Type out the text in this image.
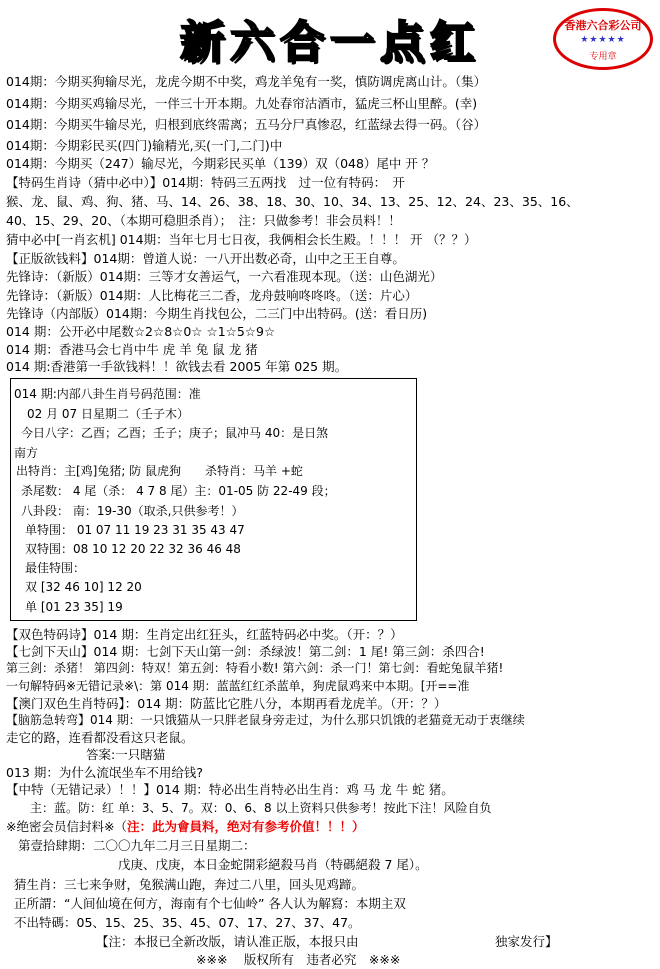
新六合一点红	香港六合彩公司
★★★★★
专用章
014期：今期买狗输尽光，龙虎今期不中奖，鸡龙羊兔有一奖，慎防调虎离山计。（集）
014期：今期买鸡输尽光，一伴三十开本期。九处春帘沽酒市，猛虎三杯山里醉。(幸)
014期：今期买牛输尽光，归根到底终需离；五马分尸真惨忍，红蓝绿去得一码。（谷）
014期：今期彩民买(四门)输精光,买(一门,二门)中
014期：今期买（247）输尽光，今期彩民买单（139）双（048）尾中 开 ？
【特码生肖诗（猜中必中）】014期：特码三五两找　过一位有特码：　开
猴、龙、鼠、鸡、狗、猪、马、14、26、38、18、30、10、34、13、25、12、24、23、35、16、
40、15、29、20、（本期可稳胆杀肖）；　注：只做参考！非会员料！！
猜中必中[一肖玄机] 014期：当年七月七日夜，我俩相会长生殿。！！！ 开 （？？）
【正版欲钱料】014期：曾道人说：一八开出数必奇，山中之王王自尊。
先锋诗：（新版）014期：三等才女善运气，一六看准现本现。（送：山色湖光）
先锋诗：（新版）014期：人比梅花三二香，龙舟鼓响咚咚咚。（送：片心）
先锋诗（内部版）014期：今期生肖找包公，二三门中出特码。(送：看日历)
014 期：公开必中尾数☆2☆8☆0☆ ☆1☆5☆9☆
014 期：香港马会七肖中牛 虎 羊 兔 鼠 龙 猪
014 期:香港第一手欲钱料！！欲钱去看 2005 年第 025 期。
014 期:内部八卦生肖号码范围：准
02 月 07 日星期二（壬子木）
今日八字：乙酉；乙酉；壬子；庚子；鼠冲马 40：是日煞
南方
出特肖：主[鸡]兔猪; 防 鼠虎狗　　杀特肖：马羊 +蛇
杀尾数： 4 尾（杀： 4 7 8 尾）主：01-05 防 22-49 段；
八卦段： 南：19-30（取杀,只供参考！）
单特围： 01 07 11 19 23 31 35 43 47
双特围：08 10 12 20 22 32 36 46 48
最佳特围：
双 [32 46 10] 12 20
单 [01 23 35] 19
【双色特码诗】014 期：生肖定出红狂头，红蓝特码必中奖。（开：？）
【七剑下天山】014 期：七剑下天山第一剑：杀绿波！第二剑：1 尾! 第三剑：杀四合!
第三剑：杀猪！ 第四剑：特双！第五剑：特看小数! 第六剑：杀一门！第七剑：看蛇兔鼠羊猪!
一句解特码※无错记录※\：第 014 期：蓝蓝红红杀蓝单，狗虎鼠鸡来中本期。[开==准
【澳门双色生肖特码】：014 期：防蓝比它胜八分，本期再看龙虎羊。（开：？）
【脑筋急转弯】014 期：一只饿猫从一只胖老鼠身旁走过，为什么那只饥饿的老猫竟无动于衷继续
走它的路，连看都没看这只老鼠。
答案:一只瞎猫
013 期：为什么流氓坐车不用给钱?
【中特（无错记录）！！】014 期：特必出生肖特必出生肖：鸡 马 龙 牛 蛇 猪。
主：蓝。防：红 单：3、5、7。双：0、6、8 以上资料只供参考！按此下注！风险自负
※绝密会员信封料※（注：此为會員料，绝对有参考价值！！！）
第壹拾肆期：二〇〇九年二月三日星期二：
戊庚、戊庚，本日金蛇開彩絕殺马肖（特碼絕殺 7 尾）。
猜生肖：三七来争财，兔猴满山跑，奔过二八里，回头见鸡蹄。
正所謂：“人间仙境在何方，海南有个七仙岭” 各人认为解寫：本期主双
不出特碼：05、15、25、35、45、07、17、27、37、47。
【注：本报已全新改版，请认准正版，本报只由	独家发行】
※※※　 版权所有　违者必究　※※※
